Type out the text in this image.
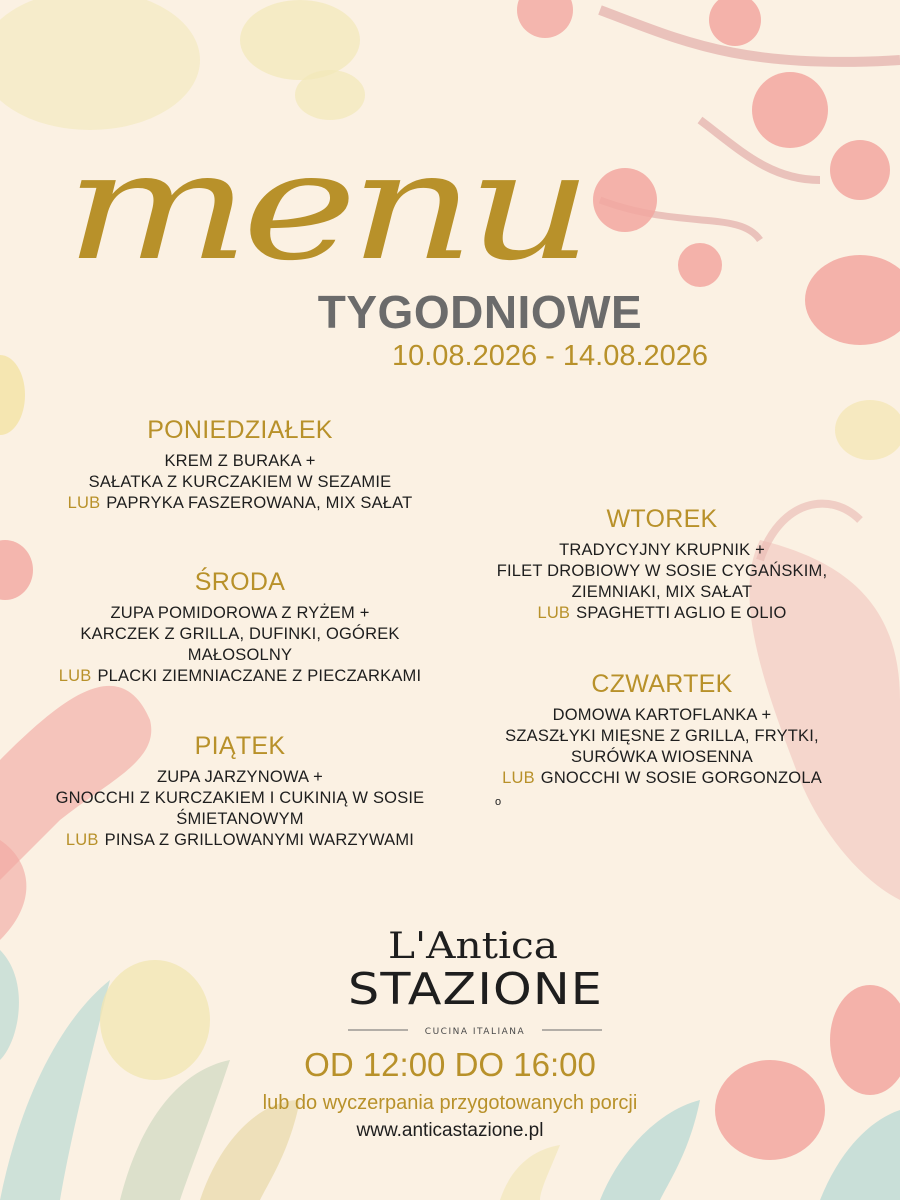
menu
TYGODNIOWE
10.08.2026 - 14.08.2026
PONIEDZIAŁEK
KREM Z BURAKA +
SAŁATKA Z KURCZAKIEM W SEZAMIE
LUB PAPRYKA FASZEROWANA, MIX SAŁAT
ŚRODA
ZUPA POMIDOROWA Z RYŻEM +
KARCZEK Z GRILLA, DUFINKI, OGÓREK
MAŁOSOLNY
LUB PLACKI ZIEMNIACZANE Z PIECZARKAMI
PIĄTEK
ZUPA JARZYNOWA +
GNOCCHI Z KURCZAKIEM I CUKINIĄ W SOSIE
ŚMIETANOWYM
LUB PINSA Z GRILLOWANYMI WARZYWAMI
WTOREK
TRADYCYJNY KRUPNIK +
FILET DROBIOWY W SOSIE CYGAŃSKIM,
ZIEMNIAKI, MIX SAŁAT
LUB SPAGHETTI AGLIO E OLIO
CZWARTEK
DOMOWA KARTOFLANKA +
SZASZŁYKI MIĘSNE Z GRILLA, FRYTKI,
SURÓWKA WIOSENNA
LUB GNOCCHI W SOSIE GORGONZOLA
o
L'Antica
STAZIONE
CUCINA ITALIANA
OD 12:00 DO 16:00
lub do wyczerpania przygotowanych porcji
www.anticastazione.pl
